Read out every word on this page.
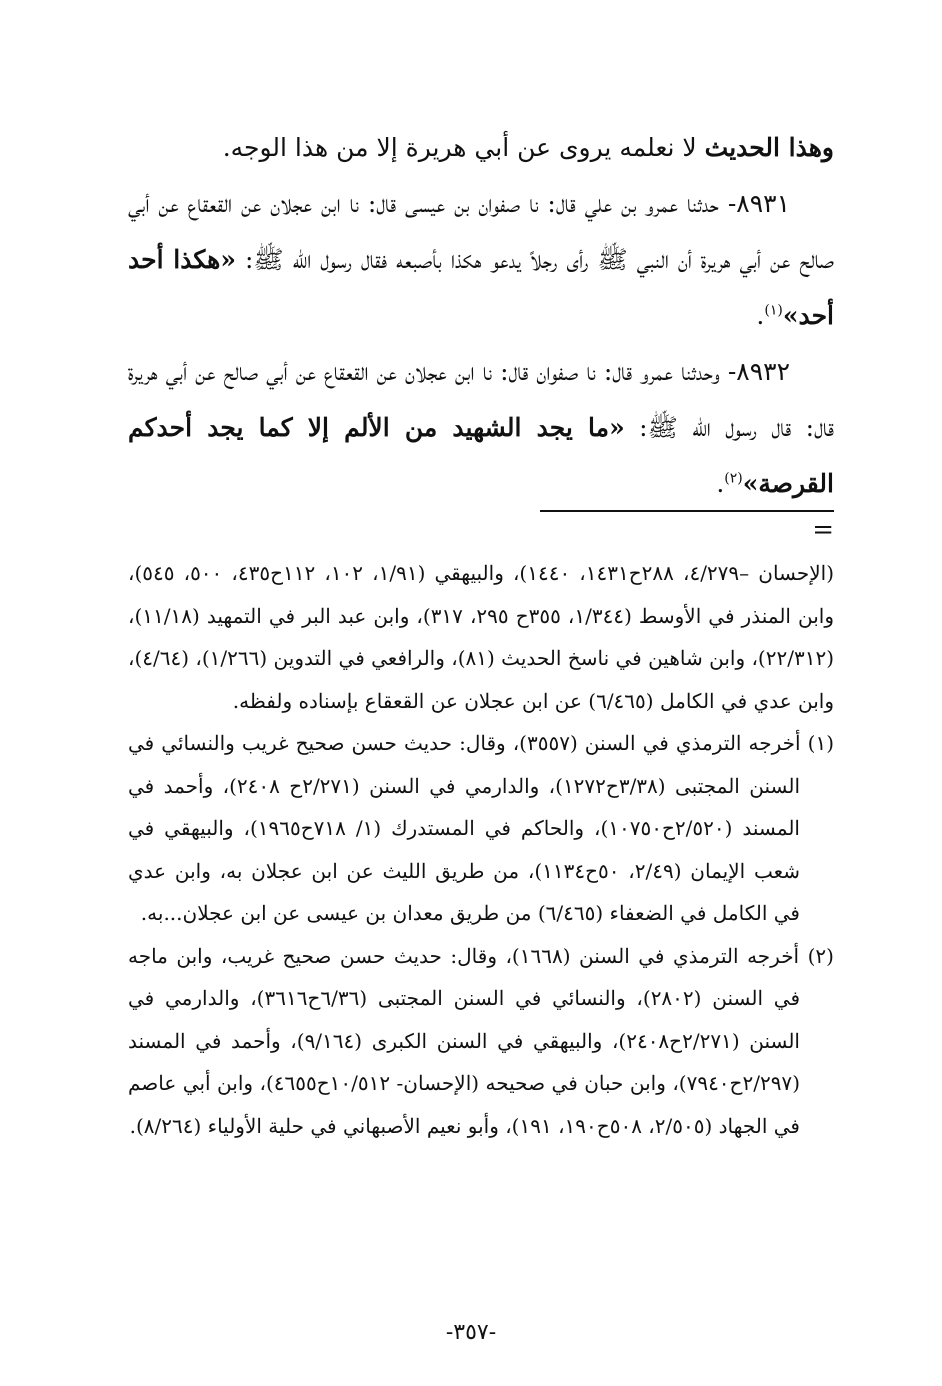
وهذا الحديث لا نعلمه يروى عن أبي هريرة إلا من هذا الوجه.

٨٩٣١- حدثنا عمرو بن علي قال: نا صفوان بن عيسى قال: نا ابن عجلان عن القعقاع عن أبي صالح عن أبي هريرة أن النبي ﷺ رأى رجلاً يدعو هكذا بأصبعه فقال رسول الله ﷺ: «هكذا أحد أحد»$^{(١)}$.

٨٩٣٢- وحدثنا عمرو قال: نا صفوان قال: نا ابن عجلان عن القعقاع عن أبي صالح عن أبي هريرة قال: قال رسول الله ﷺ: «ما يجد الشهيد من الألم إلا كما يجد أحدكم القرصة»$^{(٢)}$.

=

(الإحسان –٤/٢٧٩، ٢٨٨ح١٤٣١، ١٤٤٠)، والبيهقي (١/٩١، ١٠٢، ١١٢ح٤٣٥، ٥٠٠، ٥٤٥)، وابن المنذر في الأوسط (١/٣٤٤، ٣٥٥ح ٢٩٥، ٣١٧)، وابن عبد البر في التمهيد (١١/١٨)، (٢٢/٣١٢)، وابن شاهين في ناسخ الحديث (٨١)، والرافعي في التدوين (١/٢٦٦)، (٤/٦٤)، وابن عدي في الكامل (٦/٤٦٥) عن ابن عجلان عن القعقاع بإسناده ولفظه.

(١) أخرجه الترمذي في السنن (٣٥٥٧)، وقال: حديث حسن صحيح غريب والنسائي في السنن المجتبى (٣/٣٨ح١٢٧٢)، والدارمي في السنن (٢/٢٧١ح ٢٤٠٨)، وأحمد في المسند (٢/٥٢٠ح١٠٧٥٠)، والحاكم في المستدرك (١/ ٧١٨ح١٩٦٥)، والبيهقي في شعب الإيمان (٢/٤٩، ٥٠ح١١٣٤)، من طريق الليث عن ابن عجلان به، وابن عدي في الكامل في الضعفاء (٦/٤٦٥) من طريق معدان بن عيسى عن ابن عجلان...به.

(٢) أخرجه الترمذي في السنن (١٦٦٨)، وقال: حديث حسن صحيح غريب، وابن ماجه في السنن (٢٨٠٢)، والنسائي في السنن المجتبى (٦/٣٦ح٣٦١٦)، والدارمي في السنن (٢/٢٧١ح٢٤٠٨)، والبيهقي في السنن الكبرى (٩/١٦٤)، وأحمد في المسند (٢/٢٩٧ح٧٩٤٠)، وابن حبان في صحيحه (الإحسان- ١٠/٥١٢ح٤٦٥٥)، وابن أبي عاصم في الجهاد (٢/٥٠٥، ٥٠٨ح١٩٠، ١٩١)، وأبو نعيم الأصبهاني في حلية الأولياء (٨/٢٦٤).

-٣٥٧-
